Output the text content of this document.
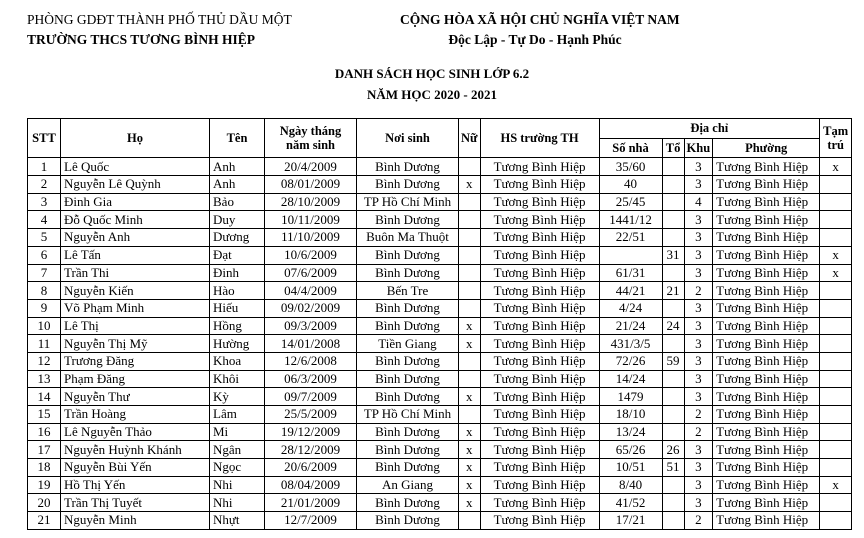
PHÒNG GDĐT THÀNH PHỐ THỦ DẦU MỘT
TRƯỜNG THCS TƯƠNG BÌNH HIỆP
CỘNG HÒA XÃ HỘI CHỦ NGHĨA VIỆT NAM
Độc Lập - Tự Do - Hạnh Phúc
DANH SÁCH HỌC SINH LỚP 6.2
NĂM HỌC 2020 - 2021
STT	Họ	Tên	Ngày tháng năm sinh	Nơi sinh	Nữ	HS trường TH	Địa chỉ				Tạm trú
							Số nhà	Tổ	Khu	Phường	
1	Lê Quốc	Anh	20/4/2009	Bình Dương		Tương Bình Hiệp	35/60		3	Tương Bình Hiệp	x
2	Nguyễn Lê Quỳnh	Anh	08/01/2009	Bình Dương	x	Tương Bình Hiệp	40		3	Tương Bình Hiệp	
3	Đinh Gia	Bảo	28/10/2009	TP Hồ Chí Minh		Tương Bình Hiệp	25/45		4	Tương Bình Hiệp	
4	Đỗ Quốc Minh	Duy	10/11/2009	Bình Dương		Tương Bình Hiệp	1441/12		3	Tương Bình Hiệp	
5	Nguyễn Anh	Dương	11/10/2009	Buôn Ma Thuột		Tương Bình Hiệp	22/51		3	Tương Bình Hiệp	
6	Lê Tấn	Đạt	10/6/2009	Bình Dương		Tương Bình Hiệp		31	3	Tương Bình Hiệp	x
7	Trần Thi	Đinh	07/6/2009	Bình Dương		Tương Bình Hiệp	61/31		3	Tương Bình Hiệp	x
8	Nguyễn Kiến	Hào	04/4/2009	Bến Tre		Tương Bình Hiệp	44/21	21	2	Tương Bình Hiệp	
9	Võ Phạm Minh	Hiếu	09/02/2009	Bình Dương		Tương Bình Hiệp	4/24		3	Tương Bình Hiệp	
10	Lê Thị	Hồng	09/3/2009	Bình Dương	x	Tương Bình Hiệp	21/24	24	3	Tương Bình Hiệp	
11	Nguyễn Thị Mỹ	Hường	14/01/2008	Tiền Giang	x	Tương Bình Hiệp	431/3/5		3	Tương Bình Hiệp	
12	Trương Đăng	Khoa	12/6/2008	Bình Dương		Tương Bình Hiệp	72/26	59	3	Tương Bình Hiệp	
13	Phạm Đăng	Khôi	06/3/2009	Bình Dương		Tương Bình Hiệp	14/24		3	Tương Bình Hiệp	
14	Nguyễn Thư	Kỳ	09/7/2009	Bình Dương	x	Tương Bình Hiệp	1479		3	Tương Bình Hiệp	
15	Trần Hoàng	Lâm	25/5/2009	TP Hồ Chí Minh		Tương Bình Hiệp	18/10		2	Tương Bình Hiệp	
16	Lê Nguyễn Thảo	Mi	19/12/2009	Bình Dương	x	Tương Bình Hiệp	13/24		2	Tương Bình Hiệp	
17	Nguyễn Huỳnh Khánh	Ngân	28/12/2009	Bình Dương	x	Tương Bình Hiệp	65/26	26	3	Tương Bình Hiệp	
18	Nguyễn Bùi Yến	Ngọc	20/6/2009	Bình Dương	x	Tương Bình Hiệp	10/51	51	3	Tương Bình Hiệp	
19	Hồ Thị Yến	Nhi	08/04/2009	An Giang	x	Tương Bình Hiệp	8/40		3	Tương Bình Hiệp	x
20	Trần Thị Tuyết	Nhi	21/01/2009	Bình Dương	x	Tương Bình Hiệp	41/52		3	Tương Bình Hiệp	
21	Nguyễn Minh	Nhựt	12/7/2009	Bình Dương		Tương Bình Hiệp	17/21		2	Tương Bình Hiệp	
